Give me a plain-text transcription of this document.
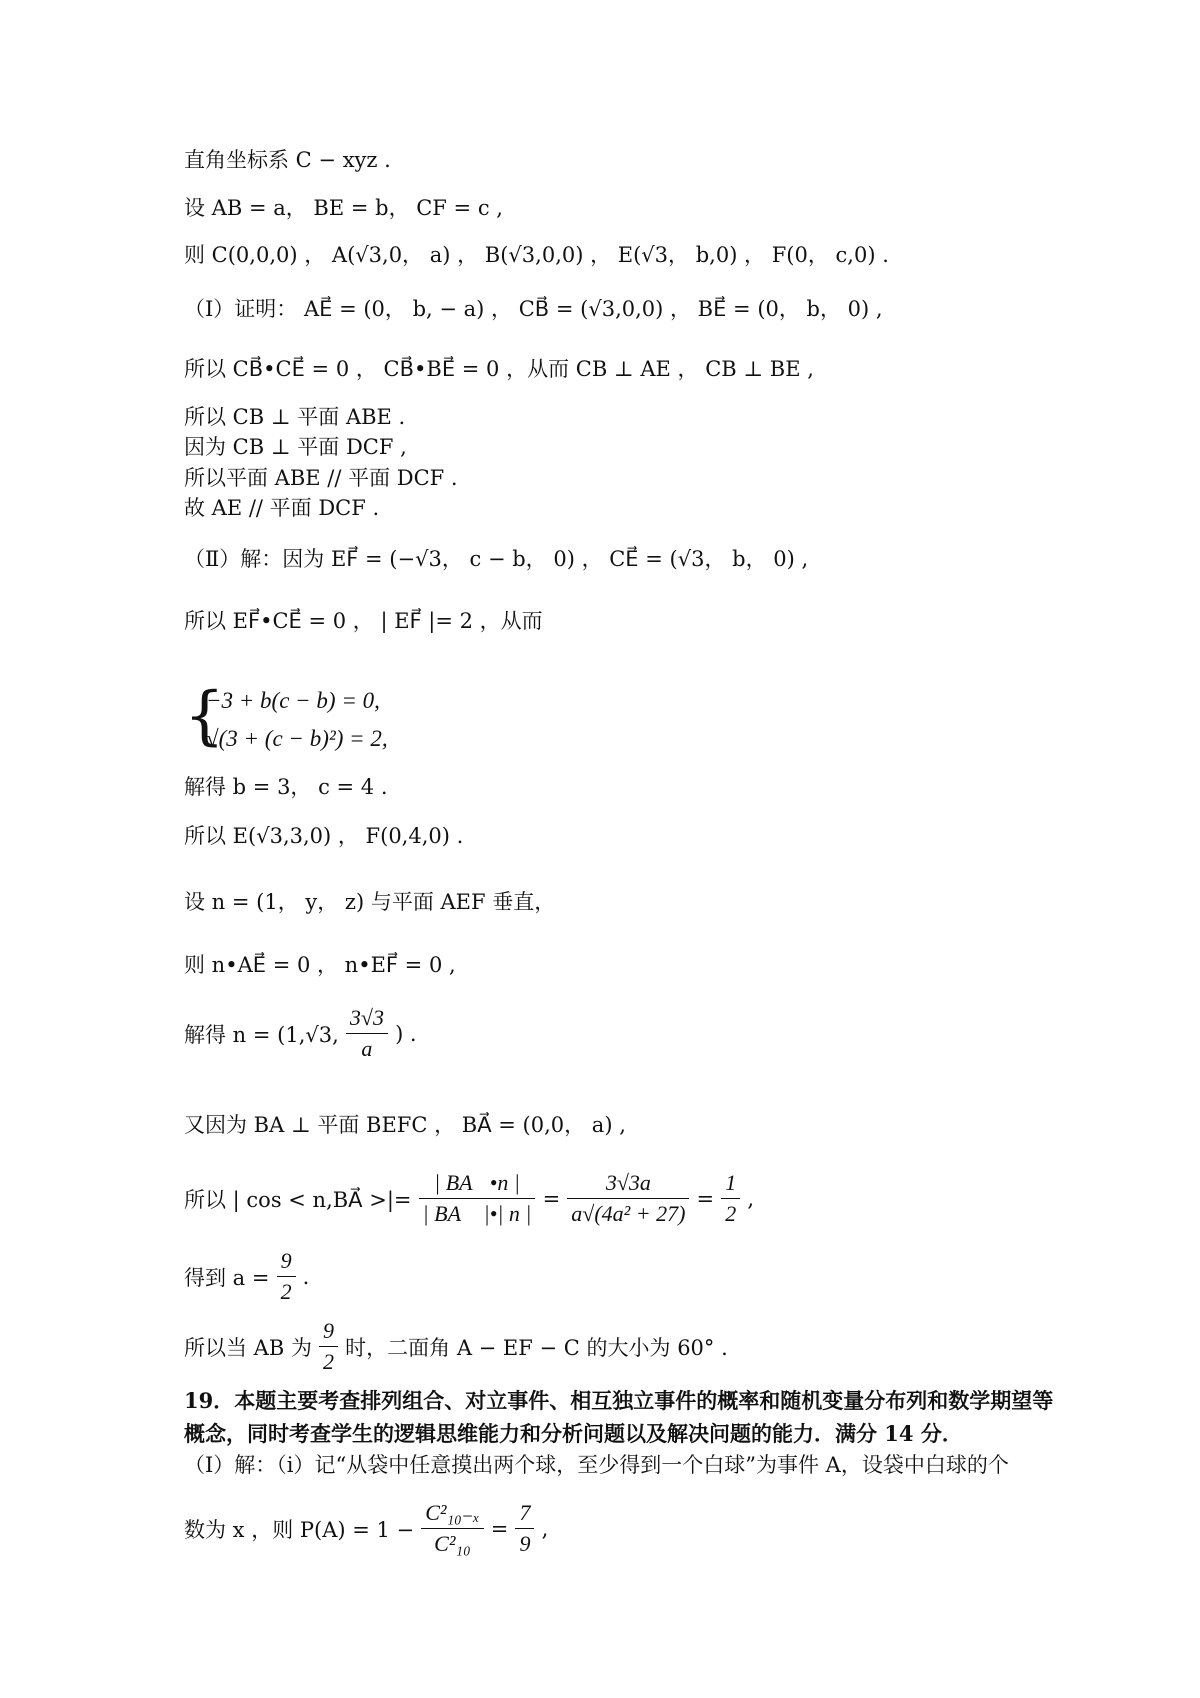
直角坐标系 C − xyz .
设 AB = a， BE = b， CF = c ,
则 C(0,0,0) ， A(√3,0， a) ， B(√3,0,0) ， E(√3， b,0) ， F(0， c,0) .
（Ⅰ）证明： AE⃗ = (0， b, − a) ， CB⃗ = (√3,0,0) ， BE⃗ = (0， b， 0) ,
所以 CB⃗•CE⃗ = 0 ， CB⃗•BE⃗ = 0 ，从而 CB ⊥ AE ， CB ⊥ BE ,
所以 CB ⊥ 平面 ABE .
因为 CB ⊥ 平面 DCF ,
所以平面 ABE // 平面 DCF .
故 AE // 平面 DCF .
（Ⅱ）解：因为 EF⃗ = (−√3， c − b， 0) ， CE⃗ = (√3， b， 0) ,
所以 EF⃗•CE⃗ = 0 ， | EF⃗ |= 2 ，从而
{
−3 + b(c − b) = 0,
√(3 + (c − b)²) = 2,
解得 b = 3， c = 4 .
所以 E(√3,3,0) ， F(0,4,0) .
设 n = (1， y， z) 与平面 AEF 垂直，
则 n•AE⃗ = 0 ， n•EF⃗ = 0 ,
解得 n = (1,√3, $\frac{3√3}{a}$ ) .
又因为 BA ⊥ 平面 BEFC ， BA⃗ = (0,0， a) ,
所以 | cos < n,BA⃗ >|= $\frac{| BA⃗•n |}{| BA⃗ |•| n |} = \frac{3√3a}{\text{a√(4a² + 27)}} = \frac{1}{2}$ ,
得到 $a = \frac{9}{2}$ .
所以当 AB 为 $\frac{9}{2}$ 时，二面角 A − EF − C 的大小为 60° .
19．本题主要考查排列组合、对立事件、相互独立事件的概率和随机变量分布列和数学期望等
概念，同时考查学生的逻辑思维能力和分析问题以及解决问题的能力．满分 14 分．
（Ⅰ）解：（i）记“从袋中任意摸出两个球，至少得到一个白球”为事件 A，设袋中白球的个
数为 x ，则 $P(A) = 1 - \frac{\text{C²₁₀₋ₓ}}{\text{C²₁₀}} = \frac{7}{9}$ ,
